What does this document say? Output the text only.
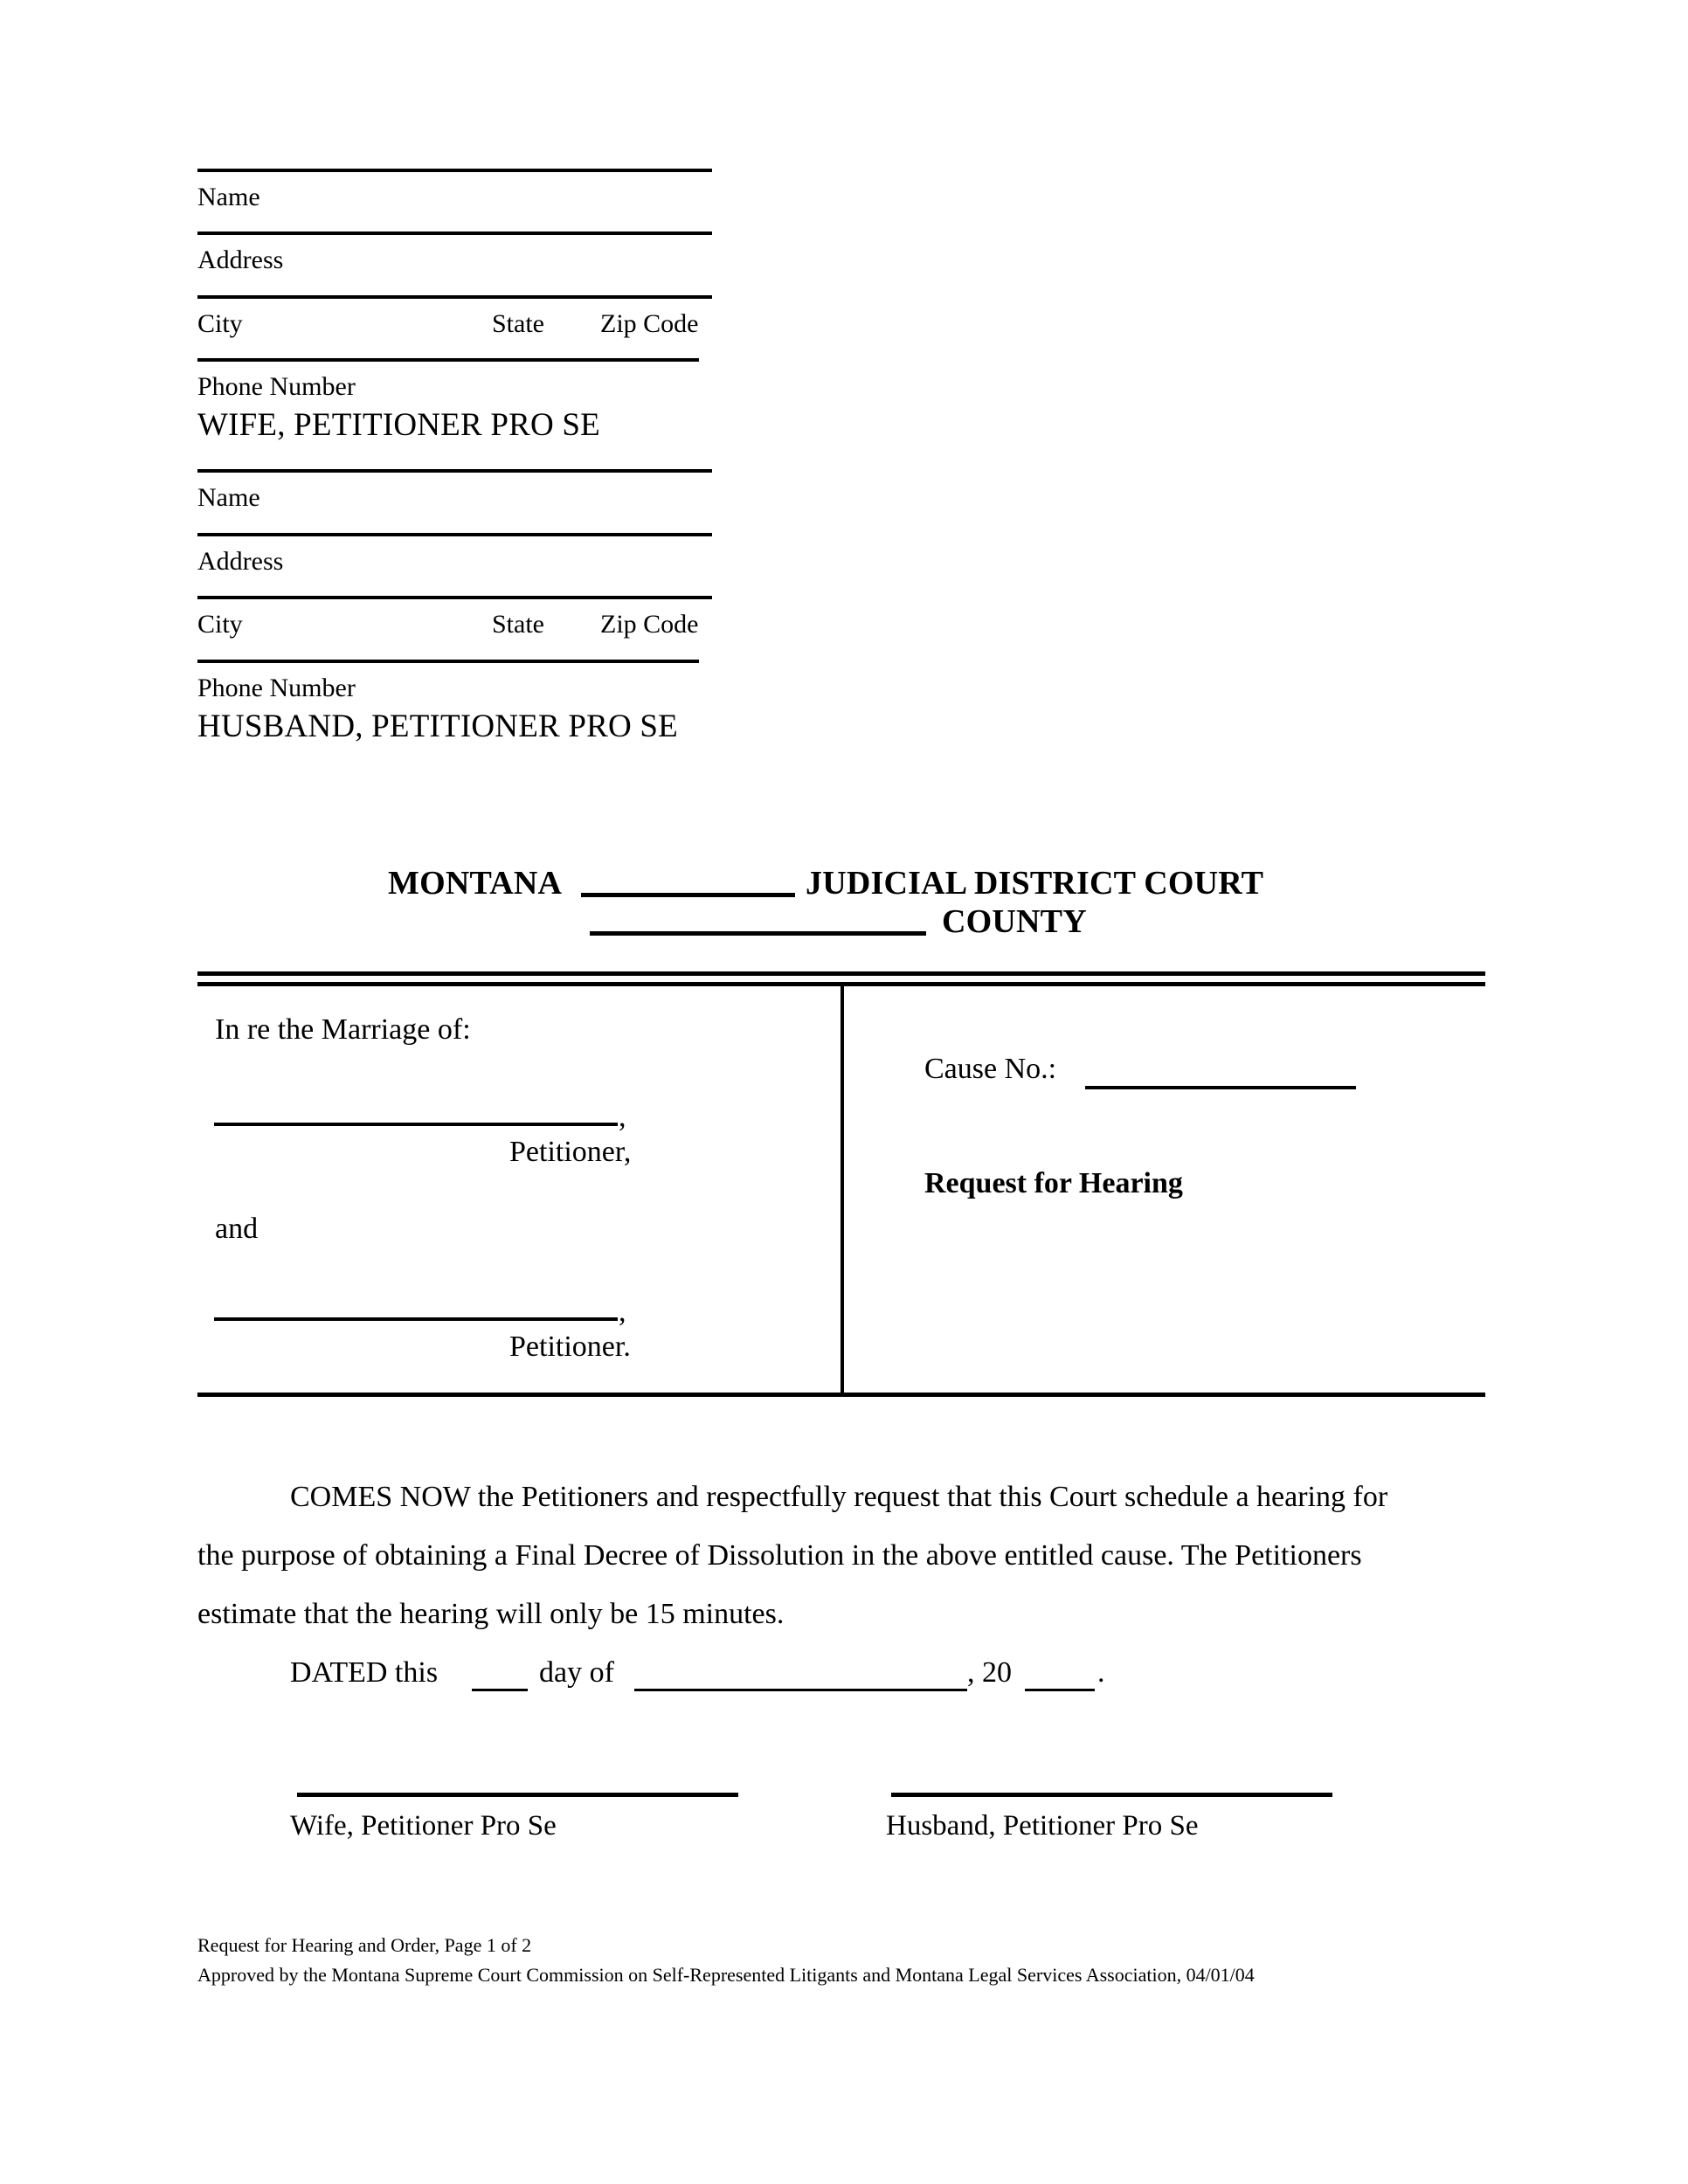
Name
Address
City	State Zip Code
Phone Number
WIFE, PETITIONER PRO SE
Name
Address
City	State Zip Code
Phone Number
HUSBAND, PETITIONER PRO SE
MONTANA	JUDICIAL DISTRICT COURT
COUNTY
In re the Marriage of:
,
Petitioner,
and
,
Petitioner.
Cause No.:
Request for Hearing
COMES NOW the Petitioners and respectfully request that this Court schedule a hearing for
the purpose of obtaining a Final Decree of Dissolution in the above entitled cause. The Petitioners
estimate that the hearing will only be 15 minutes.
DATED this	day of	, 20	.
Wife, Petitioner Pro Se	Husband, Petitioner Pro Se
Request for Hearing and Order, Page 1 of 2
Approved by the Montana Supreme Court Commission on Self-Represented Litigants and Montana Legal Services Association, 04/01/04
